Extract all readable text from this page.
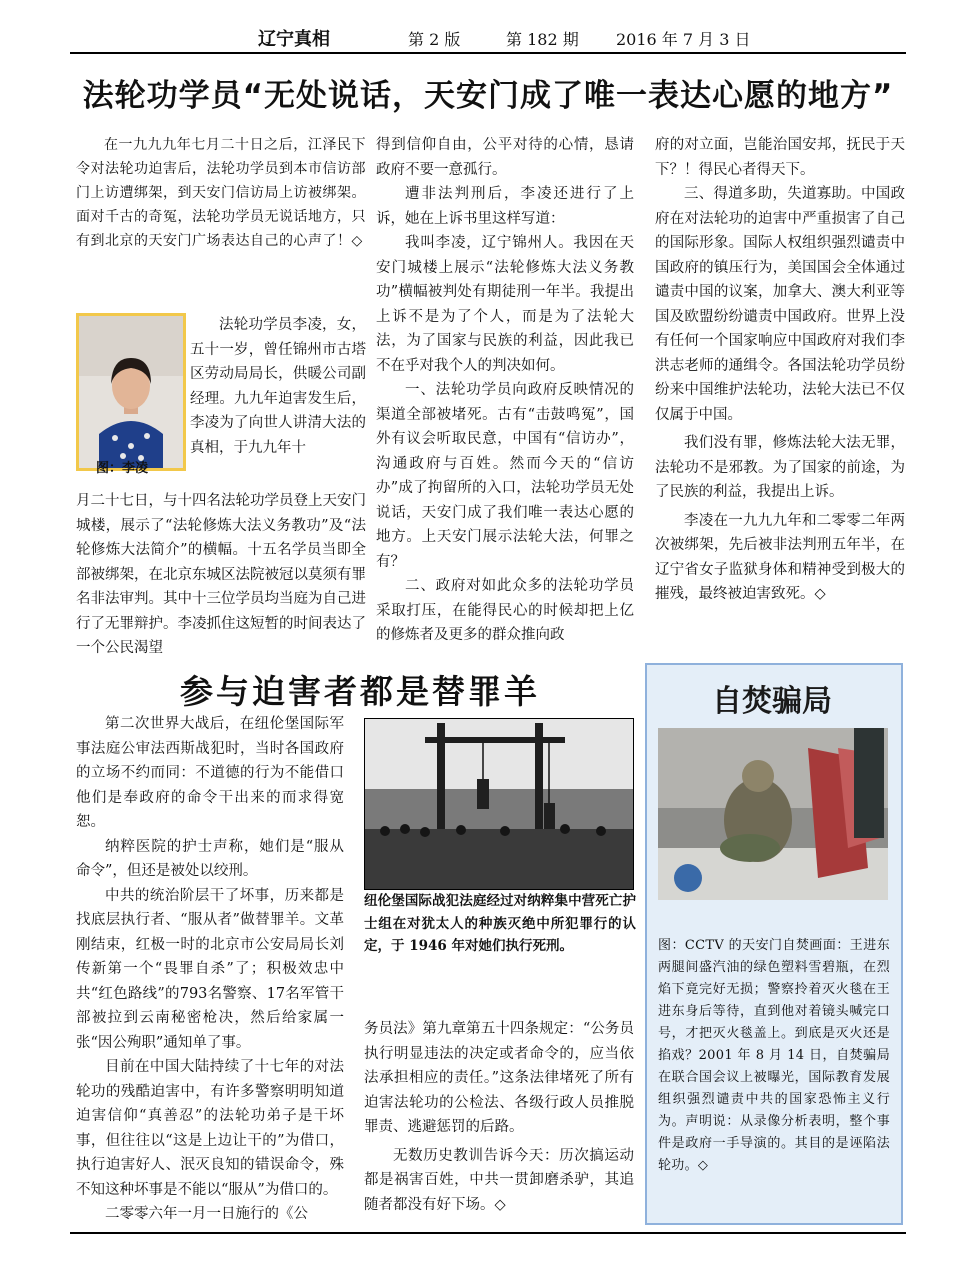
辽宁真相	第 2 版	第 182 期 2016 年 7 月 3 日
法轮功学员“无处说话，天安门成了唯一表达心愿的地方”

在一九九九年七月二十日之后，江泽民下令对法轮功迫害后，法轮功学员到本市信访部门上访遭绑架，到天安门信访局上访被绑架。面对千古的奇冤，法轮功学员无说话地方，只有到北京的天安门广场表达自己的心声了！◇

图：李凌

法轮功学员李凌，女，五十一岁，曾任锦州市古塔区劳动局局长，供暖公司副经理。九九年迫害发生后，李凌为了向世人讲清大法的真相，于九九年十

月二十七日，与十四名法轮功学员登上天安门城楼，展示了“法轮修炼大法义务教功”及“法轮修炼大法简介”的横幅。十五名学员当即全部被绑架，在北京东城区法院被冠以莫须有罪名非法审判。其中十三位学员均当庭为自己进行了无罪辩护。李凌抓住这短暂的时间表达了一个公民渴望

得到信仰自由，公平对待的心情，恳请政府不要一意孤行。

遭非法判刑后，李凌还进行了上诉，她在上诉书里这样写道：

我叫李凌，辽宁锦州人。我因在天安门城楼上展示“法轮修炼大法义务教功”横幅被判处有期徒刑一年半。我提出上诉不是为了个人，而是为了法轮大法，为了国家与民族的利益，因此我已不在乎对我个人的判决如何。

一、法轮功学员向政府反映情况的渠道全部被堵死。古有“击鼓鸣冤”，国外有议会听取民意，中国有“信访办”，沟通政府与百姓。然而今天的“信访办”成了拘留所的入口，法轮功学员无处说话，天安门成了我们唯一表达心愿的地方。上天安门展示法轮大法，何罪之有？

二、政府对如此众多的法轮功学员采取打压，在能得民心的时候却把上亿的修炼者及更多的群众推向政

府的对立面，岂能治国安邦，抚民于天下？！得民心者得天下。

三、得道多助，失道寡助。中国政府在对法轮功的迫害中严重损害了自己的国际形象。国际人权组织强烈谴责中国政府的镇压行为，美国国会全体通过谴责中国的议案，加拿大、澳大利亚等国及欧盟纷纷谴责中国政府。世界上没有任何一个国家响应中国政府对我们李洪志老师的通缉令。各国法轮功学员纷纷来中国维护法轮功，法轮大法已不仅仅属于中国。

我们没有罪，修炼法轮大法无罪，法轮功不是邪教。为了国家的前途，为了民族的利益，我提出上诉。

李凌在一九九九年和二零零二年两次被绑架，先后被非法判刑五年半，在辽宁省女子监狱身体和精神受到极大的摧残，最终被迫害致死。◇

参与迫害者都是替罪羊

第二次世界大战后，在纽伦堡国际军事法庭公审法西斯战犯时，当时各国政府的立场不约而同：不道德的行为不能借口他们是奉政府的命令干出来的而求得宽恕。

纳粹医院的护士声称，她们是“服从命令”，但还是被处以绞刑。

中共的统治阶层干了坏事，历来都是找底层执行者、“服从者”做替罪羊。文革刚结束，红极一时的北京市公安局局长刘传新第一个“畏罪自杀”了；积极效忠中共“红色路线”的793名警察、17名军管干部被拉到云南秘密枪决，然后给家属一张“因公殉职”通知单了事。

目前在中国大陆持续了十七年的对法轮功的残酷迫害中，有许多警察明明知道迫害信仰“真善忍”的法轮功弟子是干坏事，但往往以“这是上边让干的”为借口，执行迫害好人、泯灭良知的错误命令，殊不知这种坏事是不能以“服从”为借口的。

二零零六年一月一日施行的《公

纽伦堡国际战犯法庭经过对纳粹集中营死亡护士组在对犹太人的种族灭绝中所犯罪行的认定，于 1946 年对她们执行死刑。

务员法》第九章第五十四条规定：“公务员执行明显违法的决定或者命令的，应当依法承担相应的责任。”这条法律堵死了所有迫害法轮功的公检法、各级行政人员推脱罪责、逃避惩罚的后路。

无数历史教训告诉今天：历次搞运动都是祸害百姓，中共一贯卸磨杀驴，其追随者都没有好下场。◇

自焚骗局
图：CCTV 的天安门自焚画面：王进东两腿间盛汽油的绿色塑料雪碧瓶，在烈焰下竟完好无损；警察拎着灭火毯在王进东身后等待，直到他对着镜头喊完口号，才把灭火毯盖上。到底是灭火还是掐戏？2001 年 8 月 14 日，自焚骗局在联合国会议上被曝光，国际教育发展组织强烈谴责中共的国家恐怖主义行为。声明说：从录像分析表明，整个事件是政府一手导演的。其目的是诬陷法轮功。◇
